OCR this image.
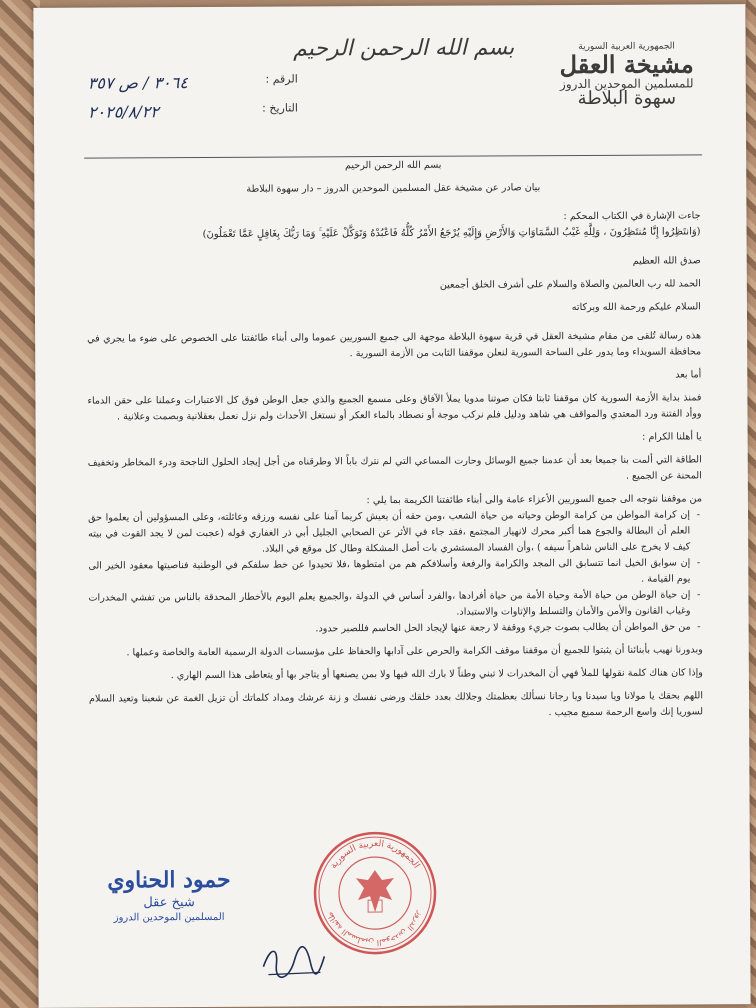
بسم الله الرحمن الرحيم	الجمهورية العربية السورية
مشيخة العقل
للمسلمين الموحدين الدروز
سهوة البلاطة
الرقم :
٣٠٦٤ / ص ٣٥٧
التاريخ :
٢٠٢٥/٨/٢٢

بسم الله الرحمن الرحيم

بيان صادر عن مشيخة عقل المسلمين الموحدين الدروز – دار سهوة البلاطة

جاءت الإشارة في الكتاب المحكم :

(وَانتَظِرُوا إِنَّا مُنتَظِرُونَ ، وَلِلَّهِ غَيْبُ السَّمَاوَاتِ وَالأَرْضِ وَإِلَيْهِ يُرْجَعُ الأَمْرُ كُلُّهُ فَاعْبُدْهُ وَتَوَكَّلْ عَلَيْهِ ۚ وَمَا رَبُّكَ بِغَافِلٍ عَمَّا تَعْمَلُونَ)

صدق الله العظيم

الحمد لله رب العالمين والصلاة والسلام على أشرف الخلق أجمعين

السلام عليكم ورحمة الله وبركاته

هذه رسالة تُلقى من مقام مشيخة العقل في قرية سهوة البلاطة موجهة الى جميع السوريين عموما والى أبناء طائفتنا على الخصوص على ضوء ما يجري في محافظة السويداء وما يدور على الساحة السورية لنعلن موقفنا الثابت من الأزمة السورية .

أما بعد

فمنذ بداية الأزمة السورية كان موقفنا ثابتا فكان صوتنا مدويا يملأ الآفاق وعلى مسمع الجميع والذي جعل الوطن فوق كل الاعتبارات وعملنا على حقن الدماء ووأد الفتنة ورد المعتدي والمواقف هي شاهد ودليل فلم نركب موجة أو نصطاد بالماء العكر أو نستغل الأحداث ولم نزل نعمل بعقلانية وبصمت وعلانية .

يا أهلنا الكرام :

الطاقة التي ألمت بنا جميعا بعد أن عدمنا جميع الوسائل وحارت المساعي التي لم نترك باباً الا وطرقناه من أجل إيجاد الحلول الناجحة ودرء المخاطر وتخفيف المحنة عن الجميع .

من موقفنا نتوجه الى جميع السوريين الأعزاء عامة والى أبناء طائفتنا الكريمة بما يلي :

- إن كرامة المواطن من كرامة الوطن وحياته من حياة الشعب ،ومن حقه أن يعيش كريما آمنا على نفسه ورزقه وعائلته، وعلى المسؤولين أن يعلموا حق العلم أن البطالة والجوع هما أكبر محرك لانهيار المجتمع ،فقد جاء في الأثر عن الصحابي الجليل أبي ذر الغفاري قوله (عجبت لمن لا يجد القوت في بيته كيف لا يخرج على الناس شاهراً سيفه ) ،وأن الفساد المستشري بات أصل المشكلة وطال كل موقع في البلاد.
- إن سوابق الخيل انما تتسابق الى المجد والكرامة والرفعة وأسلافكم هم من امتطوها ،فلا تحيدوا عن خط سلفكم في الوطنية فناصيتها معقود الخير الى يوم القيامة .
- إن حياة الوطن من حياة الأمة وحياة الأمة من حياة أفرادها ،والفرد أساس في الدولة ،والجميع يعلم اليوم بالأخطار المحدقة بالناس من تفشي المخدرات وغياب القانون والأمن والأمان والتسلط والإتاوات والاستبداد.
- من حق المواطن أن يطالب بصوت جريء ووقفة لا رجعة عنها لإيجاد الحل الحاسم فللصبر حدود.

وبدورنا نهيب بأبنائنا أن يثبتوا للجميع أن موقفنا موقف الكرامة والحرص على آدابها والحفاظ على مؤسسات الدولة الرسمية العامة والخاصة وعملها .

وإذا كان هناك كلمة نقولها للملأ فهي أن المخدرات لا تبني وطناً لا بارك الله فيها ولا بمن يصنعها أو يتاجر بها أو يتعاطى هذا السم الهاري .

اللهم بحقك يا مولانا ويا سيدنا ويا رجانا نسألك بعظمتك وجلالك بعدد خلقك ورضى نفسك و زنة عرشك ومداد كلماتك أن تزيل الغمة عن شعبنا وتعيد السلام لسوريا إنك واسع الرحمة سميع مجيب .

الجمهورية العربية السورية
طائفة المسلمين الموحدين الدروز
حمود الحناوي
شيخ عقل
المسلمين الموحدين الدروز
